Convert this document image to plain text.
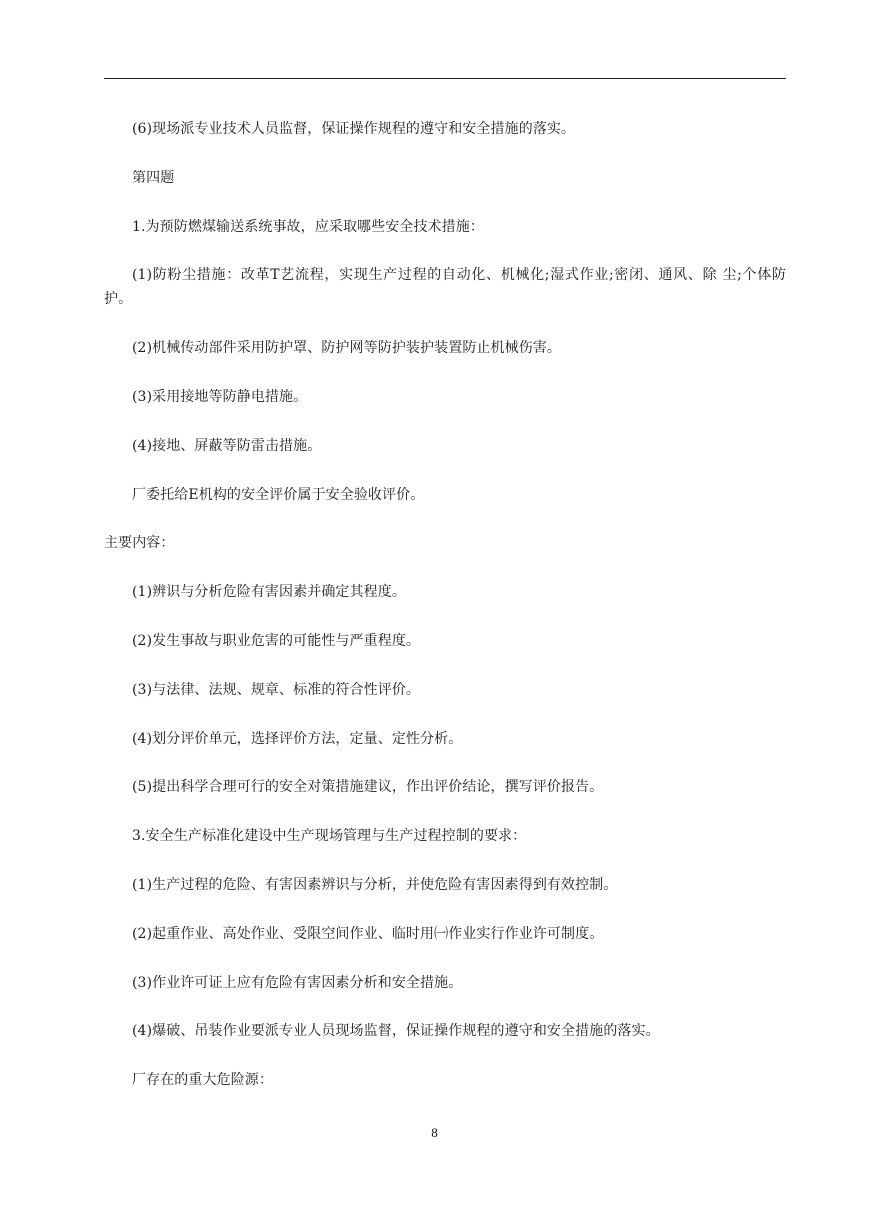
(6)现场派专业技术人员监督，保证操作规程的遵守和安全措施的落实。

第四题

1.为预防燃煤输送系统事故，应采取哪些安全技术措施：

(1)防粉尘措施：改革T艺流程，实现生产过程的自动化、机械化;湿式作业;密闭、通风、除 尘;个体防护。

(2)机械传动部件采用防护罩、防护网等防护装护装置防止机械伤害。

(3)采用接地等防静电措施。

(4)接地、屏蔽等防雷击措施。

厂委托给E机构的安全评价属于安全验收评价。

主要内容：

(1)辨识与分析危险有害因素并确定其程度。

(2)发生事故与职业危害的可能性与严重程度。

(3)与法律、法规、规章、标准的符合性评价。

(4)划分评价单元，选择评价方法，定量、定性分析。

(5)提出科学合理可行的安全对策措施建议，作出评价结论，撰写评价报告。

3.安全生产标准化建设中生产现场管理与生产过程控制的要求：

(1)生产过程的危险、有害因素辨识与分析，并使危险有害因素得到有效控制。

(2)起重作业、高处作业、受限空间作业、临时用㈠作业实行作业许可制度。

(3)作业许可证上应有危险有害因素分析和安全措施。

(4)爆破、吊装作业要派专业人员现场监督，保证操作规程的遵守和安全措施的落实。

厂存在的重大危险源：

8
